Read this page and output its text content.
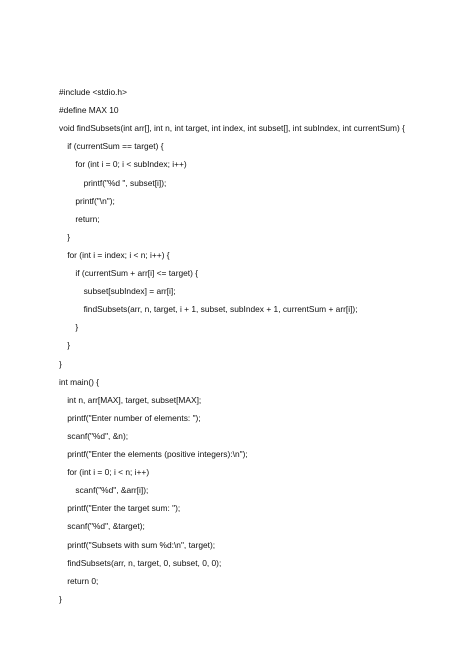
#include <stdio.h>

#define MAX 10

void findSubsets(int arr[], int n, int target, int index, int subset[], int subIndex, int currentSum) {

if (currentSum == target) {

for (int i = 0; i < subIndex; i++)

printf("%d ", subset[i]);

printf("\n");

return;

}

for (int i = index; i < n; i++) {

if (currentSum + arr[i] <= target) {

subset[subIndex] = arr[i];

findSubsets(arr, n, target, i + 1, subset, subIndex + 1, currentSum + arr[i]);

}

}

}

int main() {

int n, arr[MAX], target, subset[MAX];

printf("Enter number of elements: ");

scanf("%d", &n);

printf("Enter the elements (positive integers):\n");

for (int i = 0; i < n; i++)

scanf("%d", &arr[i]);

printf("Enter the target sum: ");

scanf("%d", &target);

printf("Subsets with sum %d:\n", target);

findSubsets(arr, n, target, 0, subset, 0, 0);

return 0;

}
